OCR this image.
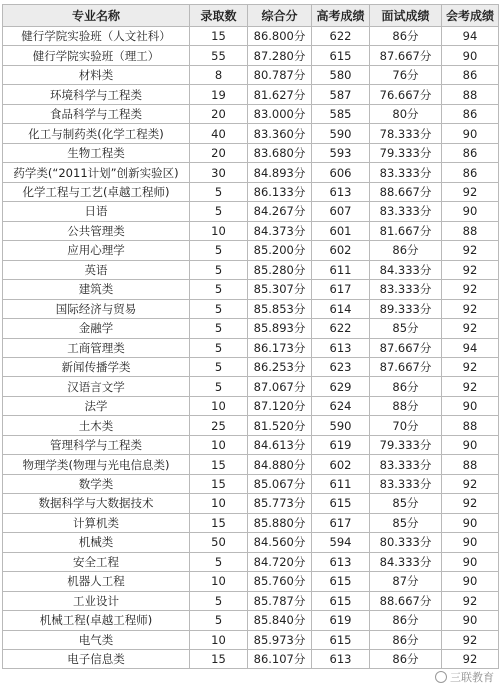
专业名称	录取数	综合分	高考成绩	面试成绩	会考成绩
健行学院实验班（人文社科）	15	86.800分	622	86分	94
健行学院实验班（理工）	55	87.280分	615	87.667分	90
材料类	8	80.787分	580	76分	86
环境科学与工程类	19	81.627分	587	76.667分	88
食品科学与工程类	20	83.000分	585	80分	86
化工与制药类(化学工程类)	40	83.360分	590	78.333分	90
生物工程类	20	83.680分	593	79.333分	86
药学类(“2011计划”创新实验区)	30	84.893分	606	83.333分	86
化学工程与工艺(卓越工程师)	5	86.133分	613	88.667分	92
日语	5	84.267分	607	83.333分	90
公共管理类	10	84.373分	601	81.667分	88
应用心理学	5	85.200分	602	86分	92
英语	5	85.280分	611	84.333分	92
建筑类	5	85.307分	617	83.333分	92
国际经济与贸易	5	85.853分	614	89.333分	92
金融学	5	85.893分	622	85分	92
工商管理类	5	86.173分	613	87.667分	94
新闻传播学类	5	86.253分	623	87.667分	92
汉语言文学	5	87.067分	629	86分	92
法学	10	87.120分	624	88分	90
土木类	25	81.520分	590	70分	88
管理科学与工程类	10	84.613分	619	79.333分	90
物理学类(物理与光电信息类)	15	84.880分	602	83.333分	88
数学类	15	85.067分	611	83.333分	92
数据科学与大数据技术	10	85.773分	615	85分	92
计算机类	15	85.880分	617	85分	90
机械类	50	84.560分	594	80.333分	90
安全工程	5	84.720分	613	84.333分	90
机器人工程	10	85.760分	615	87分	90
工业设计	5	85.787分	615	88.667分	92
机械工程(卓越工程师)	5	85.840分	619	86分	90
电气类	10	85.973分	615	86分	92
电子信息类	15	86.107分	613	86分	92
三联教育
